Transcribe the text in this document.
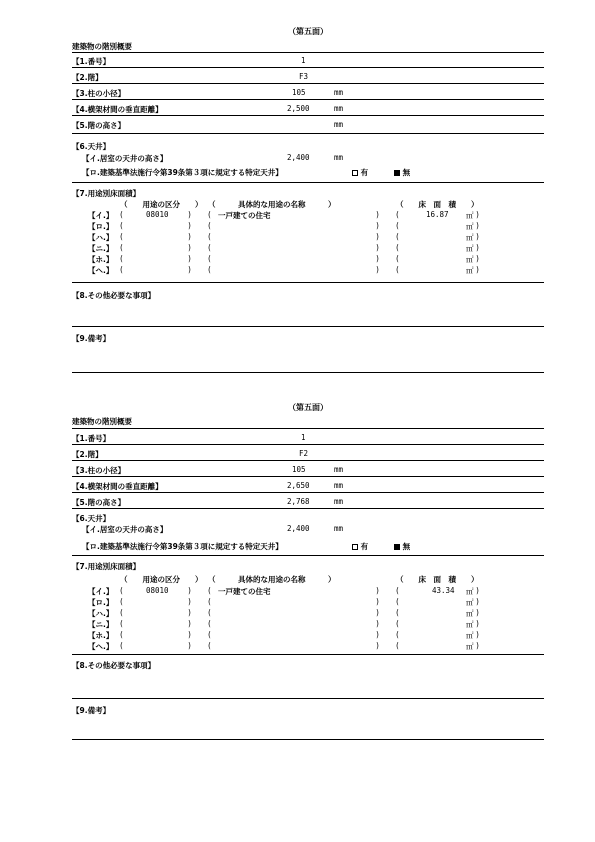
（第五面）
建築物の階別概要
【1.番号】	1
【2.階】	F3
【3.柱の小径】	105	mm
【4.横架材間の垂直距離】	2,500	mm
【5.階の高さ】	mm
【6.天井】
【イ.居室の天井の高さ】	2,400	mm
【ロ.建築基準法施行令第39条第３項に規定する特定天井】	有	無
【7.用途別床面積】
（　　用途の区分　　） （　　　具体的な用途の名称　　　）	（　　床　面　積　　）
【イ.】 (	08010	) ( 一戸建ての住宅	) (	16.87 ㎡ )
【ロ.】 (	) (	) (	㎡ )
【ハ.】 (	) (	) (	㎡ )
【ニ.】 (	) (	) (	㎡ )
【ホ.】 (	) (	) (	㎡ )
【ヘ.】 (	) (	) (	㎡ )
【8.その他必要な事項】
【9.備考】
（第五面）
建築物の階別概要
【1.番号】	1
【2.階】	F2
【3.柱の小径】	105	mm
【4.横架材間の垂直距離】	2,650	mm
【5.階の高さ】	2,768	mm
【6.天井】
【イ.居室の天井の高さ】	2,400	mm
【ロ.建築基準法施行令第39条第３項に規定する特定天井】	有	無
【7.用途別床面積】
（　　用途の区分　　） （　　　具体的な用途の名称　　　）	（　　床　面　積　　）
【イ.】 (	08010	) ( 一戸建ての住宅	) (	43.34 ㎡ )
【ロ.】 (	) (	) (	㎡ )
【ハ.】 (	) (	) (	㎡ )
【ニ.】 (	) (	) (	㎡ )
【ホ.】 (	) (	) (	㎡ )
【ヘ.】 (	) (	) (	㎡ )
【8.その他必要な事項】
【9.備考】
